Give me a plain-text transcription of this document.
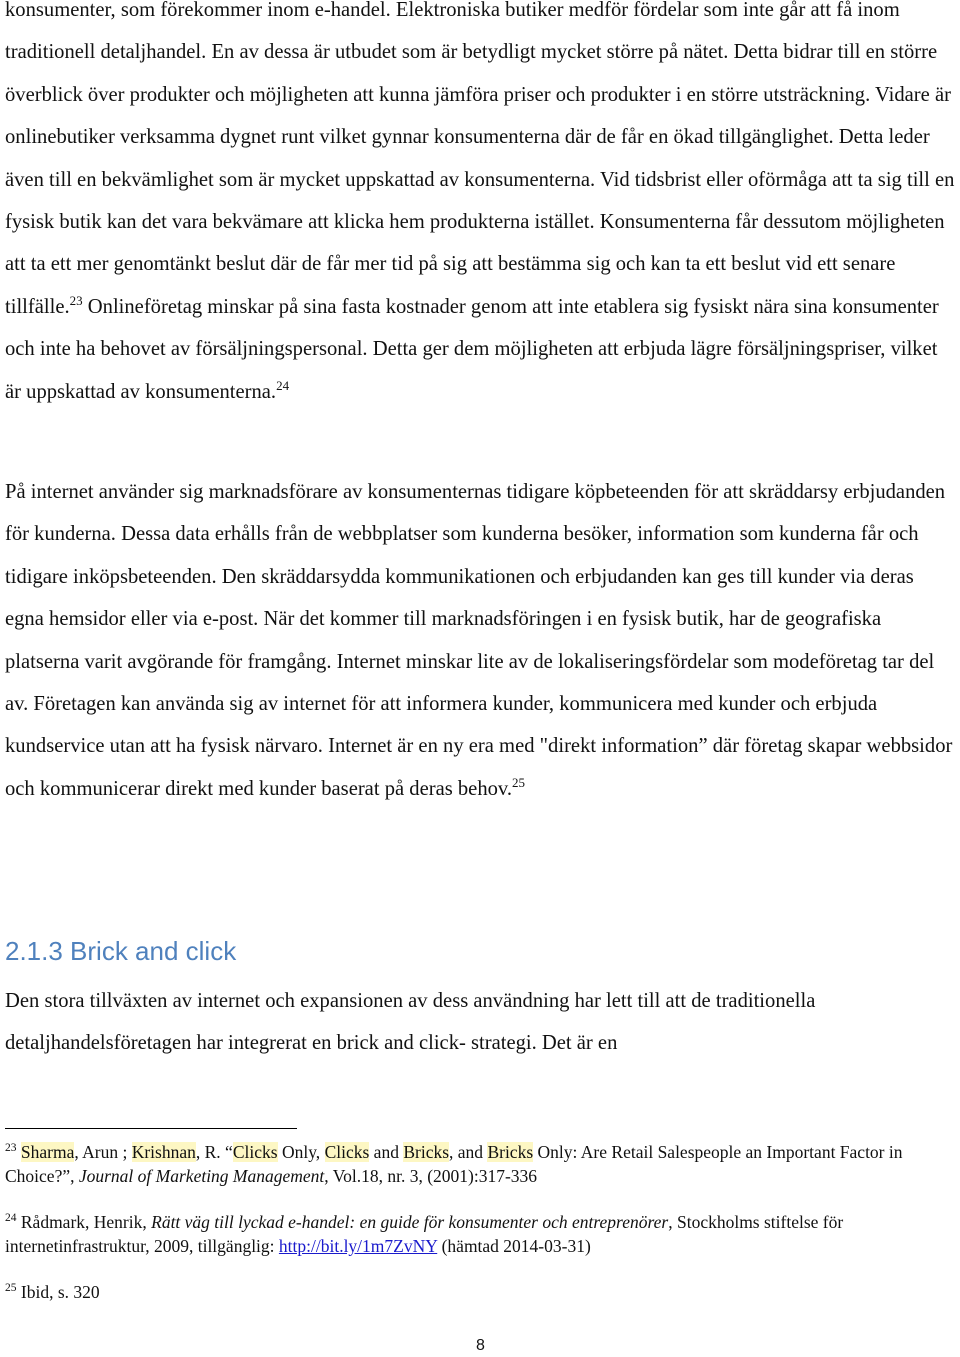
konsumenter, som förekommer inom e-handel. Elektroniska butiker medför fördelar som inte går att få inom traditionell detaljhandel. En av dessa är utbudet som är betydligt mycket större på nätet. Detta bidrar till en större överblick över produkter och möjligheten att kunna jämföra priser och produkter i en större utsträckning. Vidare är onlinebutiker verksamma dygnet runt vilket gynnar konsumenterna där de får en ökad tillgänglighet. Detta leder även till en bekvämlighet som är mycket uppskattad av konsumenterna. Vid tidsbrist eller oförmåga att ta sig till en fysisk butik kan det vara bekvämare att klicka hem produkterna istället. Konsumenterna får dessutom möjligheten att ta ett mer genomtänkt beslut där de får mer tid på sig att bestämma sig och kan ta ett beslut vid ett senare tillfälle.$^{23}$ Onlineföretag minskar på sina fasta kostnader genom att inte etablera sig fysiskt nära sina konsumenter och inte ha behovet av försäljningspersonal. Detta ger dem möjligheten att erbjuda lägre försäljningspriser, vilket är uppskattad av konsumenterna.$^{24}$

På internet använder sig marknadsförare av konsumenternas tidigare köpbeteenden för att skräddarsy erbjudanden för kunderna. Dessa data erhålls från de webbplatser som kunderna besöker, information som kunderna får och tidigare inköpsbeteenden. Den skräddarsydda kommunikationen och erbjudanden kan ges till kunder via deras egna hemsidor eller via e-post. När det kommer till marknadsföringen i en fysisk butik, har de geografiska platserna varit avgörande för framgång. Internet minskar lite av de lokaliseringsfördelar som modeföretag tar del av. Företagen kan använda sig av internet för att informera kunder, kommunicera med kunder och erbjuda kundservice utan att ha fysisk närvaro. Internet är en ny era med "direkt information” där företag skapar webbsidor och kommunicerar direkt med kunder baserat på deras behov.$^{25}$

2.1.3 Brick and click

Den stora tillväxten av internet och expansionen av dess användning har lett till att de traditionella detaljhandelsföretagen har integrerat en brick and click- strategi. Det är en

$^{23}$ Sharma, Arun ; Krishnan, R. “Clicks Only, Clicks and Bricks, and Bricks Only: Are Retail Salespeople an Important Factor in Choice?”, Journal of Marketing Management, Vol.18, nr. 3, (2001):317-336

$^{24}$ Rådmark, Henrik, Rätt väg till lyckad e-handel: en guide för konsumenter och entreprenörer, Stockholms stiftelse för internetinfrastruktur, 2009, tillgänglig: http://bit.ly/1m7ZvNY (hämtad 2014-03-31)

$^{25}$ Ibid, s. 320

8
